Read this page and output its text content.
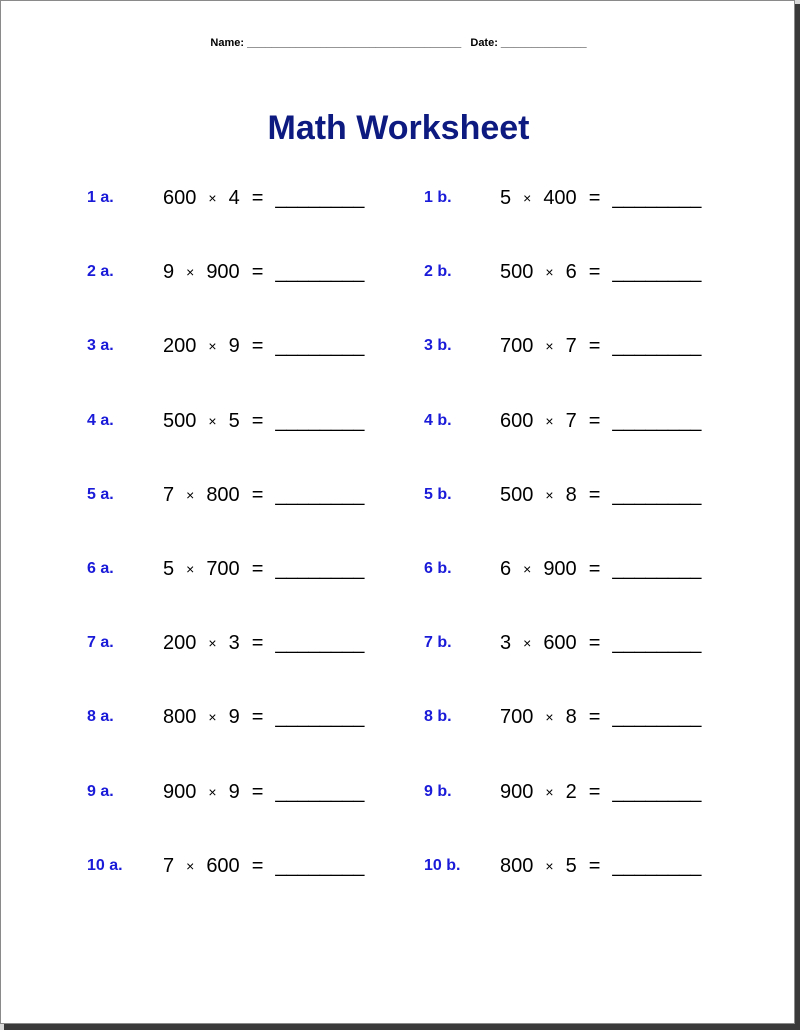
Name: ___________________________________   Date: ______________
Math Worksheet
1 a.	600 × 4 = ________	1 b.	5 × 400 = ________
2 a.	9 × 900 = ________	2 b.	500 × 6 = ________
3 a.	200 × 9 = ________	3 b.	700 × 7 = ________
4 a.	500 × 5 = ________	4 b.	600 × 7 = ________
5 a.	7 × 800 = ________	5 b.	500 × 8 = ________
6 a.	5 × 700 = ________	6 b.	6 × 900 = ________
7 a.	200 × 3 = ________	7 b.	3 × 600 = ________
8 a.	800 × 9 = ________	8 b.	700 × 8 = ________
9 a.	900 × 9 = ________	9 b.	900 × 2 = ________
10 a.	7 × 600 = ________	10 b.	800 × 5 = ________
